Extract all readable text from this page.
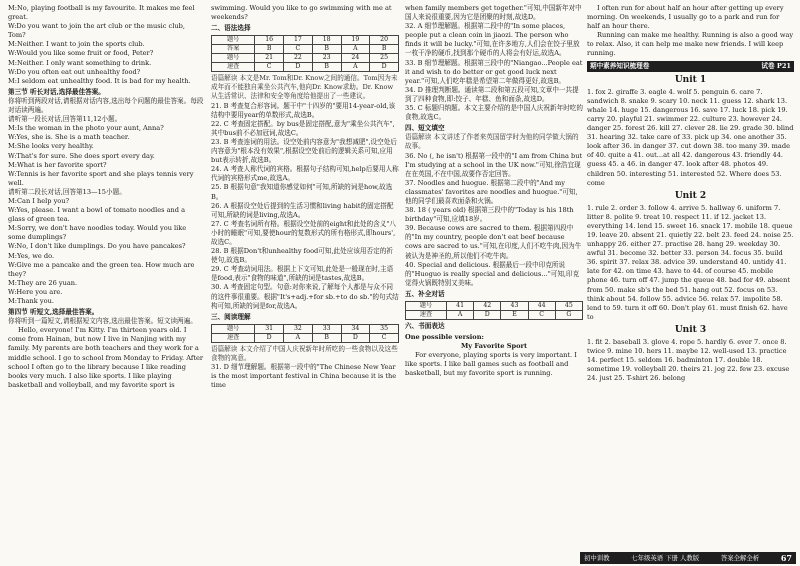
M:No, playing football is my favourite. It makes me feel great.

W:Do you want to join the art club or the music club, Tom?

M:Neither. I want to join the sports club.

W:Would you like some fruit or food, Peter?

M:Neither. I only want something to drink.

W:Do you often eat out unhealthy food?

M:I seldom eat unhealthy food. It is bad for my health.

第三节 听长对话,选择最佳答案。

你将听到两段对话,请根据对话内容,选出每个问题的最佳答案。每段对话读两遍。

请听第一段长对话,回答第11,12小题。

M:Is the woman in the photo your aunt, Anna?

W:Yes, she is. She is a math teacher.

M:She looks very healthy.

W:That's for sure. She does sport every day.

M:What is her favorite sport?

W:Tennis is her favorite sport and she plays tennis very well.

请听第二段长对话,回答第13—15小题。

M:Can I help you?

W:Yes, please. I want a bowl of tomato noodles and a glass of green tea.

M:Sorry, we don't have noodles today. Would you like some dumplings?

W:No, I don't like dumplings. Do you have pancakes?

M:Yes, we do.

W:Give me a pancake and the green tea. How much are they?

M:They are 26 yuan.

W:Here you are.

M:Thank you.

第四节 听短文,选择最佳答案。

你将听到一篇短文,请根据短文内容,选出最佳答案。短文读两遍。

Hello, everyone! I'm Kitty. I'm thirteen years old. I come from Hainan, but now I live in Nanjing with my family. My parents are both teachers and they work for a middle school. I go to school from Monday to Friday. After school I often go to the library because I like reading books very much. I also like sports. I like playing basketball and volleyball, and my favorite sport is

swimming. Would you like to go swimming with me at weekends?

二、语法选择

题号	16	17	18	19	20
答案	B	C	B	A	B
题号	21	22	23	24	25
速查	C	D	B	A	D

语篇解读 本文是Mr. Tom和Dr. Know之间的通信。Tom因为未成年而不能独自乘坐公共汽车,他向Dr. Know求助。Dr. Know从生活常识、法律和安全等角度给他提出了一些建议。

21. B 考查复合形容词。题干中"十四岁的"要用14-year-old,该结构中要用year的单数形式,故选B。

22. C 考查固定搭配。by bus是固定搭配,意为"乘坐公共汽车",其中bus前不必加冠词,故选C。

23. B 考查连词的用法。设空处前内容意为"我想减肥",设空处后内容意为"根本没有效果",根据设空处前后的逻辑关系可知,应用but表示转折,故选B。

24. A 考查人称代词的宾格。根据句子结构可知,help后要用人称代词的宾格形式me,故选A。

25. B 根据句意"我知道你感觉如何"可知,所缺的词是how,故选B。

26. A 根据设空处后提到的生活习惯和living habit的固定搭配可知,所缺的词是living,故选A。

27. C 考查名词所有格。根据设空处前的eight和此处的含义"八小时的睡眠"可知,要使hour的复数形式的所有格形式,即hours',故选C。

28. B 根据Don't和unhealthy food可知,此处应该用否定的祈使句,故选B。

29. C 考查动词用法。根据上下文可知,此处是一般现在时,主语是food,表示"食物的味道",所缺的词是tastes,故选B。

30. A 考查固定句型。句意:对你来说,了解每个人都是与众不同的这件事很重要。根据"It's+adj.+for sb.+to do sb."的句式结构可知,所缺的词是for,故选A。

三、阅读理解

题号	31	32	33	34	35
速查	D	A	B	D	C

语篇解读 本文介绍了中国人庆祝新年时所吃的一些食物以及这些食物的寓意。

31. D 细节理解题。根据第一段中的"The Chinese New Year is the most important festival in China because it is the time

when family members get together."可知,中国新年对中国人来说很重要,因为它是团聚的时刻,故选D。

32. A 细节理解题。根据第二段中的"In some places, people put a clean coin in jiaozi. The person who finds it will be lucky."可知,在许多地方,人们会在饺子里放一枚干净的硬币,找到那个硬币的人将会有好运,故选A。

33. B 细节理解题。根据第三段中的"Niangao...People eat it and wish to do better or get good luck next year."可知,人们吃年糕是希望第二年做得更好,故选B。

34. D 推理判断题。通读第二段和第五段可知,文章中一共提到了四种食物,即:饺子、年糕、鱼和面条,故选D。

35. C 标题归纳题。本文主要介绍的是中国人庆祝新年时吃的食物,故选C。

四、短文填空

语篇解读 本文讲述了作者来英国留学时为他的同学做大锅的故事。

36. No (, he isn't) 根据第一段中的"I am from China but I'm studying at a school in the UK now."可知,徐浩宜现在在英国,不在中国,故要作否定回答。

37. Noodles and huogue. 根据第二段中的"And my classmates' favorites are noodles and huogue."可知,他的同学们最喜欢面条和火锅。

38. 18 ( years old) 根据第三段中的"Today is his 18th birthday"可知,应填18岁。

39. Because cows are sacred to them. 根据第四段中的"In my country, people don't eat beef because cows are sacred to us."可知,在印度,人们不吃牛肉,因为牛被认为是神圣的,所以他们不吃牛肉。

40. Special and delicious. 根据最后一段中印克所说的"Huoguo is really special and delicious..."可知,印克觉得火锅既特别又美味。

五、补全对话

题号	41	42	43	44	45
速查	A	D	E	C	G

六、书面表达

One possible version:

My Favorite Sport

For everyone, playing sports is very important. I like sports. I like ball games such as football and basketball, but my favorite sport is running.

I often run for about half an hour after getting up every morning. On weekends, I usually go to a park and run for half an hour there.

Running can make me healthy. Running is also a good way to relax. Also, it can help me make new friends. I will keep running.

期中素养知识梳理卷	试卷 P21

Unit 1

1. fox 2. giraffe 3. eagle 4. wolf 5. penguin 6. care 7. sandwich 8. snake 9. scary 10. neck 11. guess 12. shark 13. whale 14. huge 15. dangerous 16. save 17. luck 18. pick 19. carry 20. playful 21. swimmer 22. culture 23. however 24. danger 25. forest 26. kill 27. clever 28. lie 29. grade 30. blind 31. hearing 32. take care of 33. pick up 34. one another 35. look after 36. in danger 37. cut down 38. too many 39. made of 40. quite a 41. out...at all 42. dangerous 43. friendly 44. guess 45. a 46. in danger 47. look after 48. photos 49. children 50. interesting 51. interested 52. Where does 53. come

Unit 2

1. rule 2. order 3. follow 4. arrive 5. hallway 6. uniform 7. litter 8. polite 9. treat 10. respect 11. if 12. jacket 13. everything 14. lend 15. sweet 16. snack 17. mobile 18. queue 19. leave 20. absent 21. quietly 22. belt 23. feed 24. noise 25. unhappy 26. either 27. practise 28. hang 29. weekday 30. awful 31. become 32. better 33. person 34. focus 35. build 36. spirit 37. relax 38. advice 39. understand 40. untidy 41. late for 42. on time 43. have to 44. of course 45. mobile phone 46. turn off 47. jump the queue 48. bad for 49. absent from 50. make sb's the bed 51. hang out 52. focus on 53. think about 54. follow 55. advice 56. relax 57. impolite 58. lend to 59. turn it off 60. Don't play 61. must finish 62. have to

Unit 3

1. fit 2. baseball 3. glove 4. rope 5. hardly 6. ever 7. once 8. twice 9. mine 10. hers 11. maybe 12. well-used 13. practice 14. perfect 15. seldom 16. badminton 17. double 18. sometime 19. volleyball 20. theirs 21. jog 22. few 23. excuse 24. just 25. T-shirt 26. belong

初中训教	七年级英语 下册 人教版	答案全解全析	67
